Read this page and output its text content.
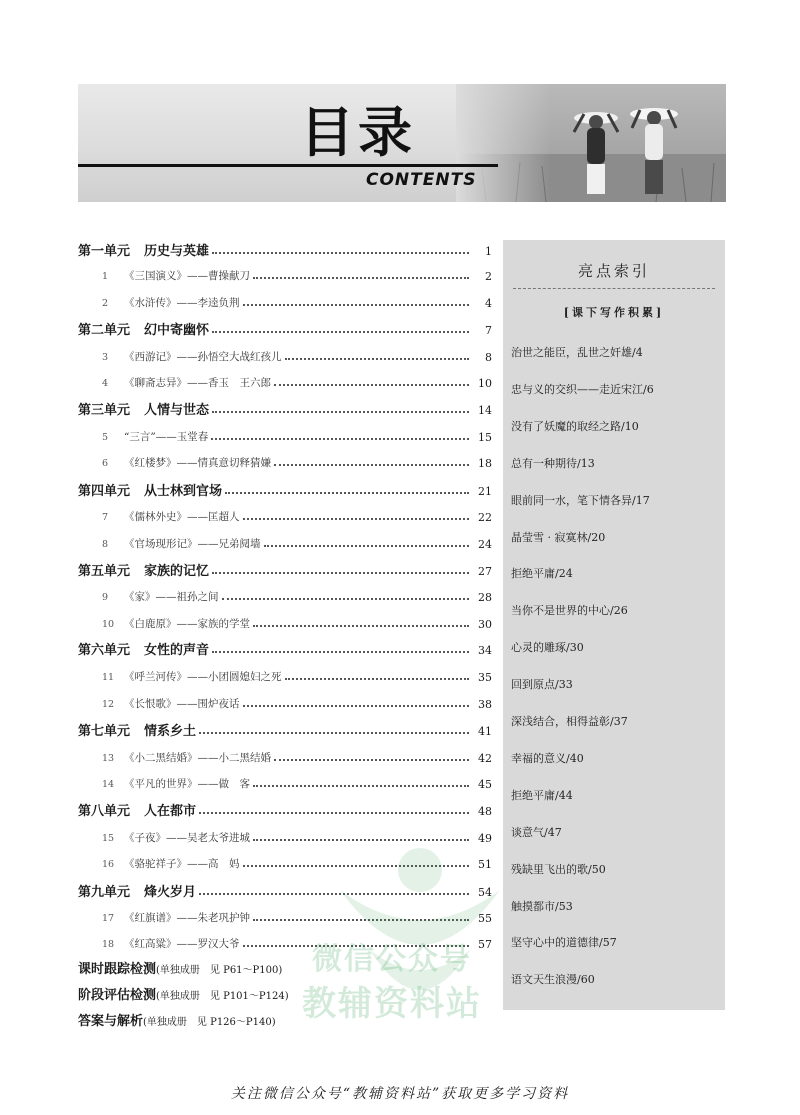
目录
CONTENTS
第一单元 历史与英雄	1
1 《三国演义》——曹操献刀	2
2 《水浒传》——李逵负荆	4
第二单元 幻中寄幽怀	7
3 《西游记》——孙悟空大战红孩儿	8
4 《聊斋志异》——香玉　王六郎	10
第三单元 人情与世态	14
5 “三言”——玉堂春	15
6 《红楼梦》——情真意切释猜嫌	18
第四单元 从士林到官场	21
7 《儒林外史》——匡超人	22
8 《官场现形记》——兄弟阋墙	24
第五单元 家族的记忆	27
9 《家》——祖孙之间	28
10 《白鹿原》——家族的学堂	30
第六单元 女性的声音	34
11 《呼兰河传》——小团圆媳妇之死	35
12 《长恨歌》——围炉夜话	38
第七单元 情系乡土	41
13 《小二黑结婚》——小二黑结婚	42
14 《平凡的世界》——做　客	45
第八单元 人在都市	48
15 《子夜》——吴老太爷进城	49
16 《骆驼祥子》——高　妈	51
第九单元 烽火岁月	54
17 《红旗谱》——朱老巩护钟	55
18 《红高粱》——罗汉大爷	57
课时跟踪检测(单独成册　见 P61～P100)
阶段评估检测(单独成册　见 P101～P124)
答案与解析(单独成册　见 P126～P140)
亮点索引
[课下写作积累]
治世之能臣，乱世之奸雄/4
忠与义的交织——走近宋江/6
没有了妖魔的取经之路/10
总有一种期待/13
眼前同一水，笔下情各异/17
晶莹雪 · 寂寞林/20
拒绝平庸/24
当你不是世界的中心/26
心灵的雕琢/30
回到原点/33
深浅结合，相得益彰/37
幸福的意义/40
拒绝平庸/44
谈意气/47
残缺里飞出的歌/50
触摸都市/53
坚守心中的道德律/57
语文天生浪漫/60
微信公众号
教辅资料站
关注微信公众号“教辅资料站”获取更多学习资料
